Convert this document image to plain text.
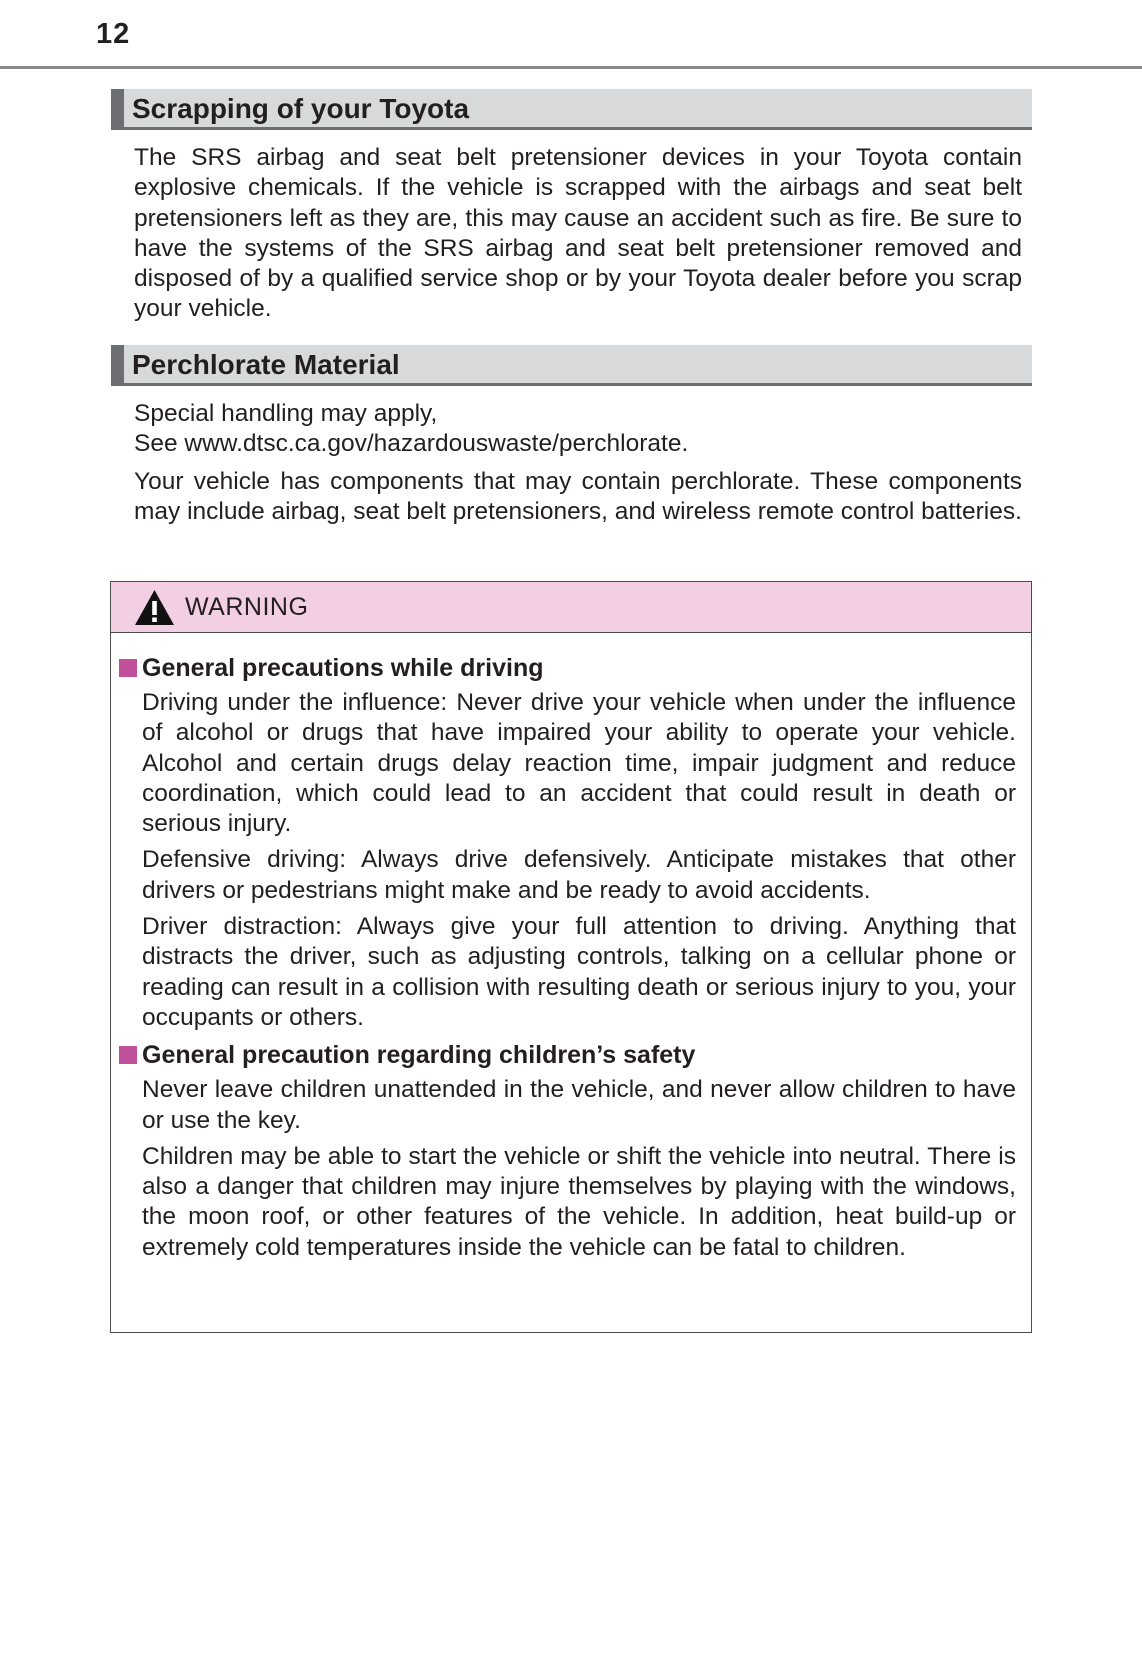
12
Scrapping of your Toyota

The SRS airbag and seat belt pretensioner devices in your Toyota contain explosive chemicals. If the vehicle is scrapped with the airbags and seat belt pretensioners left as they are, this may cause an accident such as fire. Be sure to have the systems of the SRS airbag and seat belt pretensioner removed and disposed of by a qualified service shop or by your Toyota dealer before you scrap your vehicle.

Perchlorate Material

Special handling may apply,

See www.dtsc.ca.gov/hazardouswaste/perchlorate.

Your vehicle has components that may contain perchlorate. These components may include airbag, seat belt pretensioners, and wireless remote control batteries.

WARNING
General precautions while driving

Driving under the influence: Never drive your vehicle when under the influence of alcohol or drugs that have impaired your ability to operate your vehicle. Alcohol and certain drugs delay reaction time, impair judgment and reduce coordination, which could lead to an accident that could result in death or serious injury.

Defensive driving: Always drive defensively. Anticipate mistakes that other drivers or pedestrians might make and be ready to avoid accidents.

Driver distraction: Always give your full attention to driving. Anything that distracts the driver, such as adjusting controls, talking on a cellular phone or reading can result in a collision with resulting death or serious injury to you, your occupants or others.

General precaution regarding children’s safety

Never leave children unattended in the vehicle, and never allow children to have or use the key.

Children may be able to start the vehicle or shift the vehicle into neutral. There is also a danger that children may injure themselves by playing with the windows, the moon roof, or other features of the vehicle. In addition, heat build-up or extremely cold temperatures inside the vehicle can be fatal to children.
